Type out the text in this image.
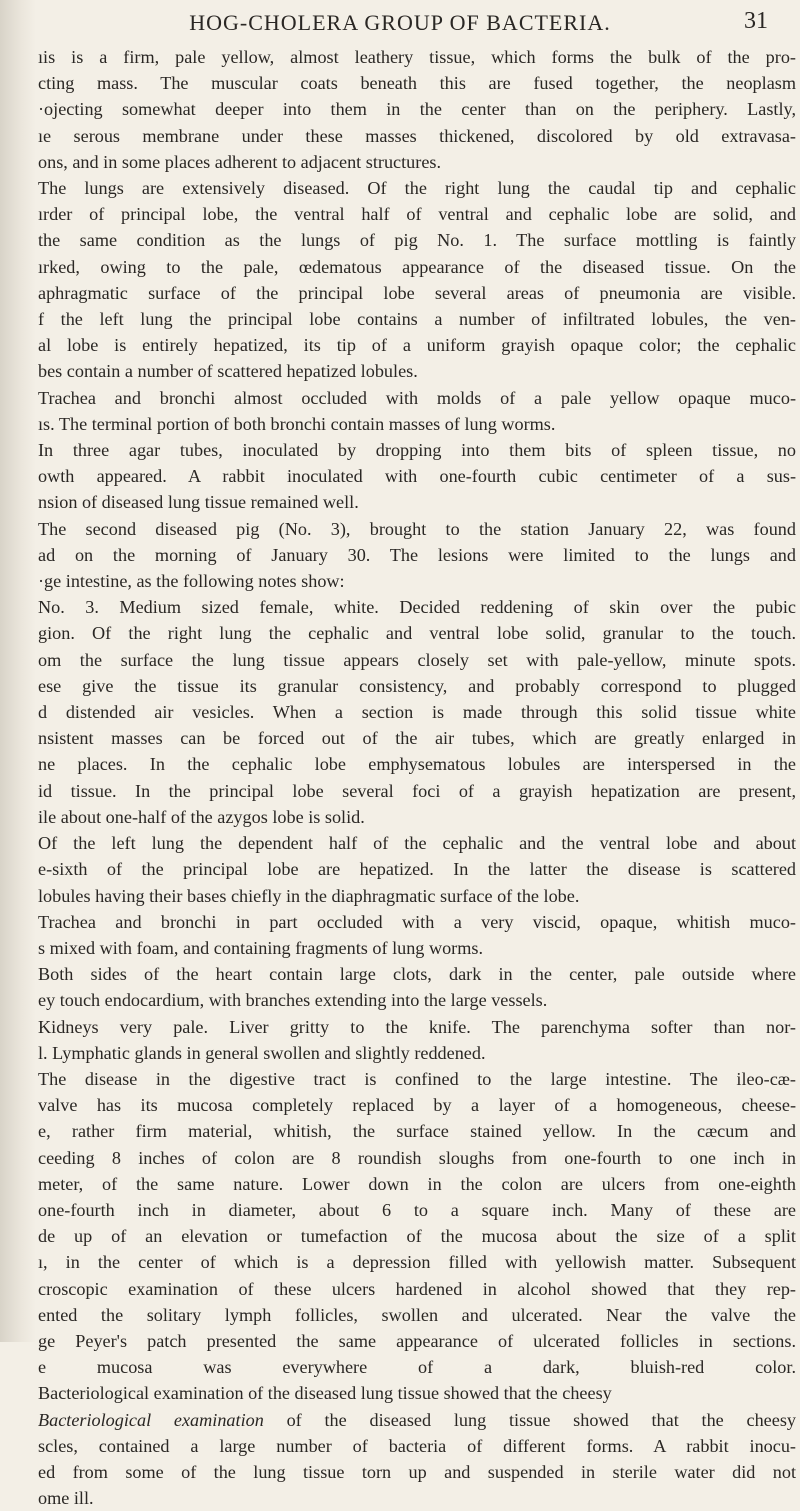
HOG-CHOLERA GROUP OF BACTERIA.	31
ıis is a firm, pale yellow, almost leathery tissue, which forms the bulk of the pro-
cting mass. The muscular coats beneath this are fused together, the neoplasm
·ojecting somewhat deeper into them in the center than on the periphery. Lastly,
ıe serous membrane under these masses thickened, discolored by old extravasa-
ons, and in some places adherent to adjacent structures.
The lungs are extensively diseased. Of the right lung the caudal tip and cephalic
ırder of principal lobe, the ventral half of ventral and cephalic lobe are solid, and
the same condition as the lungs of pig No. 1. The surface mottling is faintly
ırked, owing to the pale, œdematous appearance of the diseased tissue. On the
aphragmatic surface of the principal lobe several areas of pneumonia are visible.
f the left lung the principal lobe contains a number of infiltrated lobules, the ven-
al lobe is entirely hepatized, its tip of a uniform grayish opaque color; the cephalic
bes contain a number of scattered hepatized lobules.
Trachea and bronchi almost occluded with molds of a pale yellow opaque muco-
ıs. The terminal portion of both bronchi contain masses of lung worms.
In three agar tubes, inoculated by dropping into them bits of spleen tissue, no
owth appeared. A rabbit inoculated with one-fourth cubic centimeter of a sus-
nsion of diseased lung tissue remained well.
The second diseased pig (No. 3), brought to the station January 22, was found
ad on the morning of January 30. The lesions were limited to the lungs and
·ge intestine, as the following notes show:
No. 3. Medium sized female, white. Decided reddening of skin over the pubic
gion. Of the right lung the cephalic and ventral lobe solid, granular to the touch.
om the surface the lung tissue appears closely set with pale-yellow, minute spots.
ese give the tissue its granular consistency, and probably correspond to plugged
d distended air vesicles. When a section is made through this solid tissue white
nsistent masses can be forced out of the air tubes, which are greatly enlarged in
ne places. In the cephalic lobe emphysematous lobules are interspersed in the
id tissue. In the principal lobe several foci of a grayish hepatization are present,
ile about one-half of the azygos lobe is solid.
Of the left lung the dependent half of the cephalic and the ventral lobe and about
e-sixth of the principal lobe are hepatized. In the latter the disease is scattered
lobules having their bases chiefly in the diaphragmatic surface of the lobe.
Trachea and bronchi in part occluded with a very viscid, opaque, whitish muco-
s mixed with foam, and containing fragments of lung worms.
Both sides of the heart contain large clots, dark in the center, pale outside where
ey touch endocardium, with branches extending into the large vessels.
Kidneys very pale. Liver gritty to the knife. The parenchyma softer than nor-
l. Lymphatic glands in general swollen and slightly reddened.
The disease in the digestive tract is confined to the large intestine. The ileo-cæ-
valve has its mucosa completely replaced by a layer of a homogeneous, cheese-
e, rather firm material, whitish, the surface stained yellow. In the cæcum and
ceeding 8 inches of colon are 8 roundish sloughs from one-fourth to one inch in
meter, of the same nature. Lower down in the colon are ulcers from one-eighth
one-fourth inch in diameter, about 6 to a square inch. Many of these are
de up of an elevation or tumefaction of the mucosa about the size of a split
ı, in the center of which is a depression filled with yellowish matter. Subsequent
croscopic examination of these ulcers hardened in alcohol showed that they rep-
ented the solitary lymph follicles, swollen and ulcerated. Near the valve the
ge Peyer's patch presented the same appearance of ulcerated follicles in sections.
e mucosa was everywhere of a dark, bluish-red color.
Bacteriological examination of the diseased lung tissue showed that the cheesy
Bacteriological examination of the diseased lung tissue showed that the cheesy
scles, contained a large number of bacteria of different forms. A rabbit inocu-
ed from some of the lung tissue torn up and suspended in sterile water did not
ome ill.
